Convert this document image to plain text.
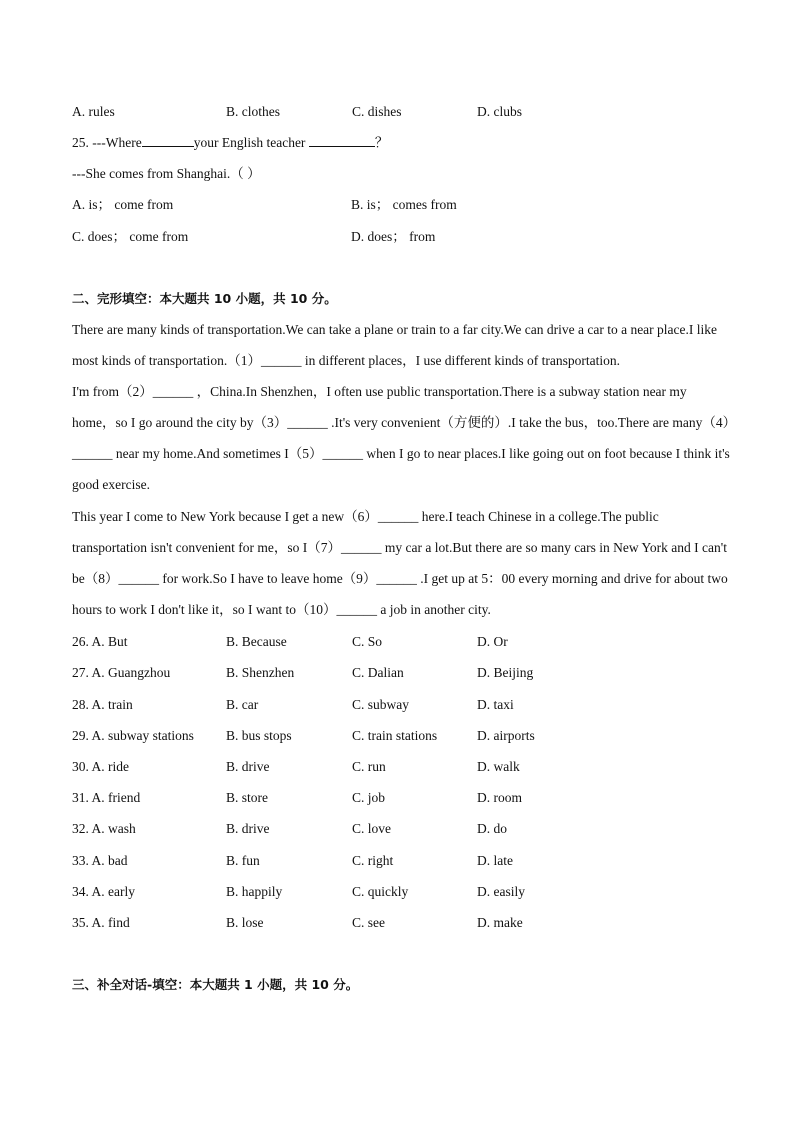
A. rules	B. clothes	C. dishes	D. clubs
25. ---Where	your English teacher	？
---She comes from Shanghai.（ ）
A. is； come from	B. is； comes from
C. does； come from	D. does； from
二、完形填空：本大题共 10 小题，共 10 分。
There are many kinds of transportation.We can take a plane or train to a far city.We can drive a car to a near place.I like most kinds of transportation.（1）______ in different places，I use different kinds of transportation.
I'm from（2）______ ，China.In Shenzhen，I often use public transportation.There is a subway station near my home，so I go around the city by（3）______ .It's very convenient（方便的）.I take the bus，too.There are many（4）______ near my home.And sometimes I（5）______ when I go to near places.I like going out on foot because I think it's good exercise.
This year I come to New York because I get a new（6）______ here.I teach Chinese in a college.The public transportation isn't convenient for me，so I（7）______ my car a lot.But there are so many cars in New York and I can't be（8）______ for work.So I have to leave home（9）______ .I get up at 5：00 every morning and drive for about two hours to work I don't like it，so I want to（10）______ a job in another city.
26. A. But	B. Because	C. So	D. Or
27. A. Guangzhou	B. Shenzhen	C. Dalian	D. Beijing
28. A. train	B. car	C. subway	D. taxi
29. A. subway stations B. bus stops	C. train stations	D. airports
30. A. ride	B. drive	C. run	D. walk
31. A. friend	B. store	C. job	D. room
32. A. wash	B. drive	C. love	D. do
33. A. bad	B. fun	C. right	D. late
34. A. early	B. happily	C. quickly	D. easily
35. A. find	B. lose	C. see	D. make
三、补全对话-填空：本大题共 1 小题，共 10 分。
